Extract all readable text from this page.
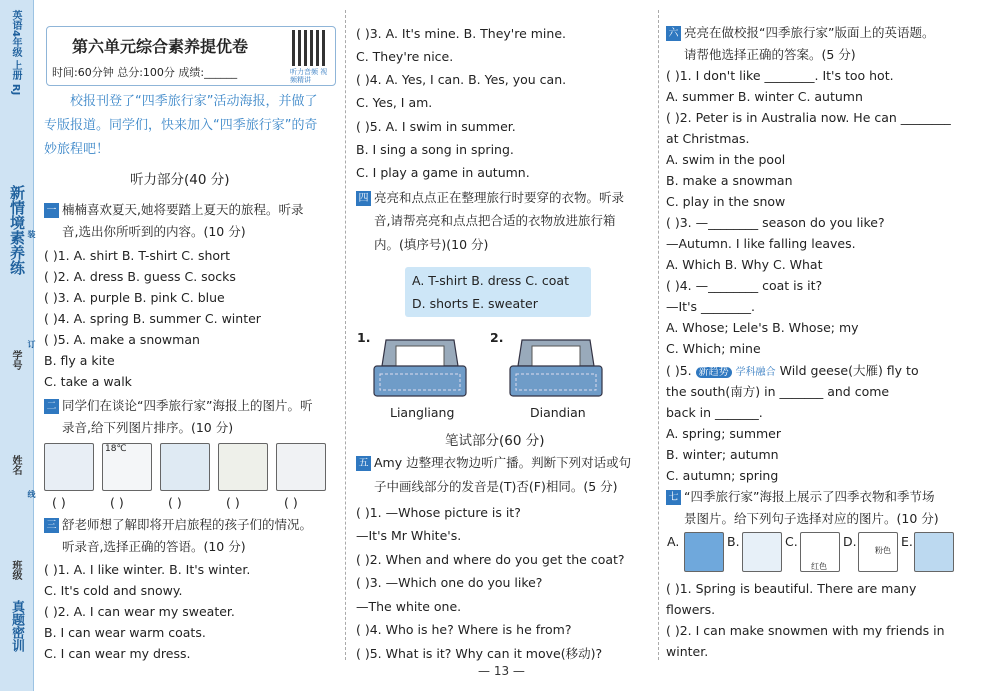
英语4年级 上册 RJ
新情境素养练
学号
姓名
班级
装
订
线
真题密训
第六单元综合素养提优卷
时间:60分钟 总分:100分 成绩:______	听力音频 视频精讲
校报刊登了“四季旅行家”活动海报，并做了
专版报道。同学们，快来加入“四季旅行家”的奇
妙旅程吧！
听力部分(40 分)
一 楠楠喜欢夏天,她将要踏上夏天的旅程。听录
音,选出你所听到的内容。(10 分)
( )1. A. shirt B. T-shirt C. short
( )2. A. dress B. guess C. socks
( )3. A. purple B. pink C. blue
( )4. A. spring B. summer C. winter
( )5. A. make a snowman
B. fly a kite
C. take a walk
二 同学们在谈论“四季旅行家”海报上的图片。听
录音,给下列图片排序。(10 分)
18℃
( )	( )	( )	( )	( )
三 舒老师想了解即将开启旅程的孩子们的情况。
听录音,选择正确的答语。(10 分)
( )1. A. I like winter. B. It's winter.
C. It's cold and snowy.
( )2. A. I can wear my sweater.
B. I can wear warm coats.
C. I can wear my dress.
( )3. A. It's mine. B. They're mine.
C. They're nice.
( )4. A. Yes, I can. B. Yes, you can.
C. Yes, I am.
( )5. A. I swim in summer.
B. I sing a song in spring.
C. I play a game in autumn.
四 亮亮和点点正在整理旅行时要穿的衣物。听录
音,请帮亮亮和点点把合适的衣物放进旅行箱
内。(填序号)(10 分)
A. T-shirt B. dress C. coat
D. shorts E. sweater
1.	2.
Liangliang	Diandian
笔试部分(60 分)
五 Amy 边整理衣物边听广播。判断下列对话或句
子中画线部分的发音是(T)否(F)相同。(5 分)
( )1. —Whose picture is it?
—It's Mr White's.
( )2. When and where do you get the coat?
( )3. —Which one do you like?
—The white one.
( )4. Who is he? Where is he from?
( )5. What is it? Why can it move(移动)?
六 亮亮在做校报“四季旅行家”版面上的英语题。
请帮他选择正确的答案。(5 分)
( )1. I don't like ________. It's too hot.
A. summer B. winter C. autumn
( )2. Peter is in Australia now. He can ________
at Christmas.
A. swim in the pool
B. make a snowman
C. play in the snow
( )3. —________ season do you like?
—Autumn. I like falling leaves.
A. Which B. Why C. What
( )4. —________ coat is it?
—It's ________.
A. Whose; Lele's B. Whose; my
C. Which; mine
( )5. 新趋势 学科融合 Wild geese(大雁) fly to
the south(南方) in _______ and come
back in _______.
A. spring; summer
B. winter; autumn
C. autumn; spring
七 “四季旅行家”海报上展示了四季衣物和季节场
景图片。给下列句子选择对应的图片。(10 分)
A.	B.	C.
红色
D.
粉色
E.
( )1. Spring is beautiful. There are many
flowers.
( )2. I can make snowmen with my friends in
winter.
— 13 —
